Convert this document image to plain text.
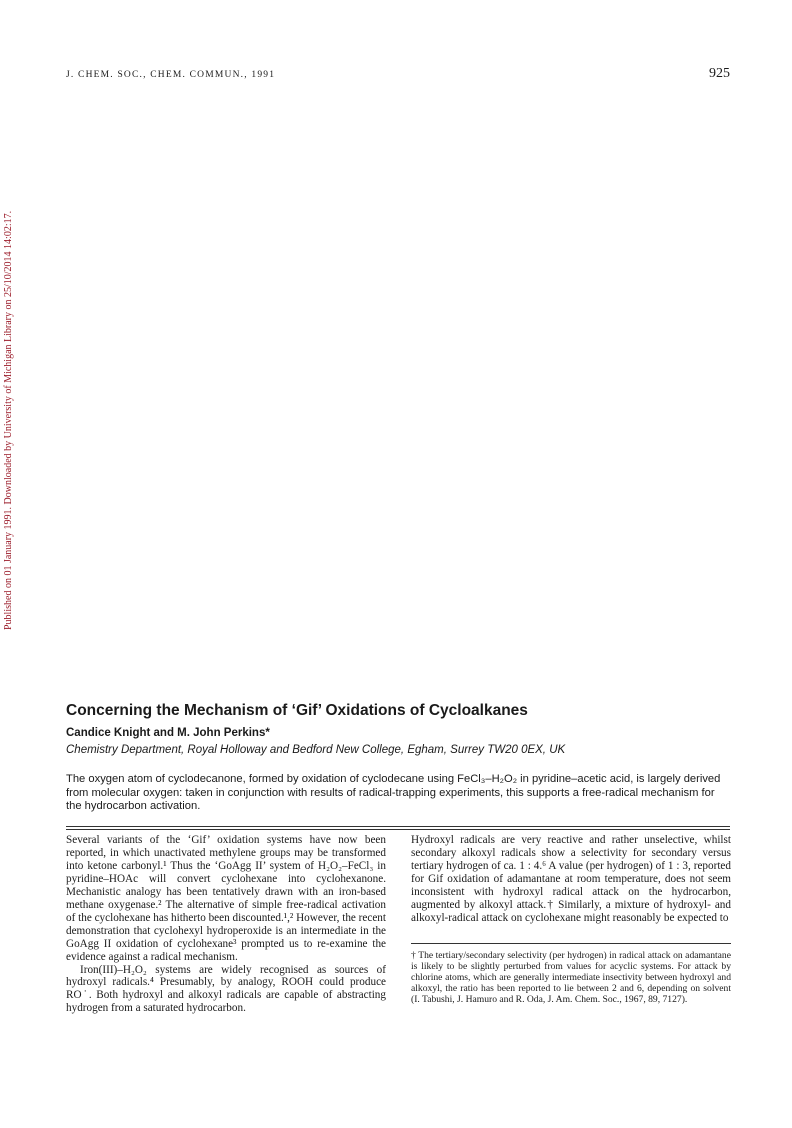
J. CHEM. SOC., CHEM. COMMUN., 1991	925
Published on 01 January 1991. Downloaded by University of Michigan Library on 25/10/2014 14:02:17.
Concerning the Mechanism of ‘Gif’ Oxidations of Cycloalkanes
Candice Knight and M. John Perkins*
Chemistry Department, Royal Holloway and Bedford New College, Egham, Surrey TW20 0EX, UK
The oxygen atom of cyclodecanone, formed by oxidation of cyclodecane using FeCl₃–H₂O₂ in pyridine–acetic acid, is largely derived from molecular oxygen: taken in conjunction with results of radical-trapping experiments, this supports a free-radical mechanism for the hydrocarbon activation.

Several variants of the ‘Gif’ oxidation systems have now been reported, in which unactivated methylene groups may be transformed into ketone carbonyl.¹ Thus the ‘GoAgg II’ system of H₂O₂–FeCl₃ in pyridine–HOAc will convert cyclohexane into cyclohexanone. Mechanistic analogy has been tentatively drawn with an iron-based methane oxygenase.² The alternative of simple free-radical activation of the cyclohexane has hitherto been discounted.¹,² However, the recent demonstration that cyclohexyl hydroperoxide is an intermediate in the GoAgg II oxidation of cyclohexane³ prompted us to re-examine the evidence against a radical mechanism.

Iron(III)–H₂O₂ systems are widely recognised as sources of hydroxyl radicals.⁴ Presumably, by analogy, ROOH could produce RO˙. Both hydroxyl and alkoxyl radicals are capable of abstracting hydrogen from a saturated hydrocarbon.

Hydroxyl radicals are very reactive and rather unselective, whilst secondary alkoxyl radicals show a selectivity for secondary versus tertiary hydrogen of ca. 1 : 4.⁶ A value (per hydrogen) of 1 : 3, reported for Gif oxidation of adamantane at room temperature, does not seem inconsistent with hydroxyl radical attack on the hydrocarbon, augmented by alkoxyl attack.† Similarly, a mixture of hydroxyl- and alkoxyl-radical attack on cyclohexane might reasonably be expected to

† The tertiary/secondary selectivity (per hydrogen) in radical attack on adamantane is likely to be slightly perturbed from values for acyclic systems. For attack by chlorine atoms, which are generally intermediate insectivity between hydroxyl and alkoxyl, the ratio has been reported to lie between 2 and 6, depending on solvent (I. Tabushi, J. Hamuro and R. Oda, J. Am. Chem. Soc., 1967, 89, 7127).
